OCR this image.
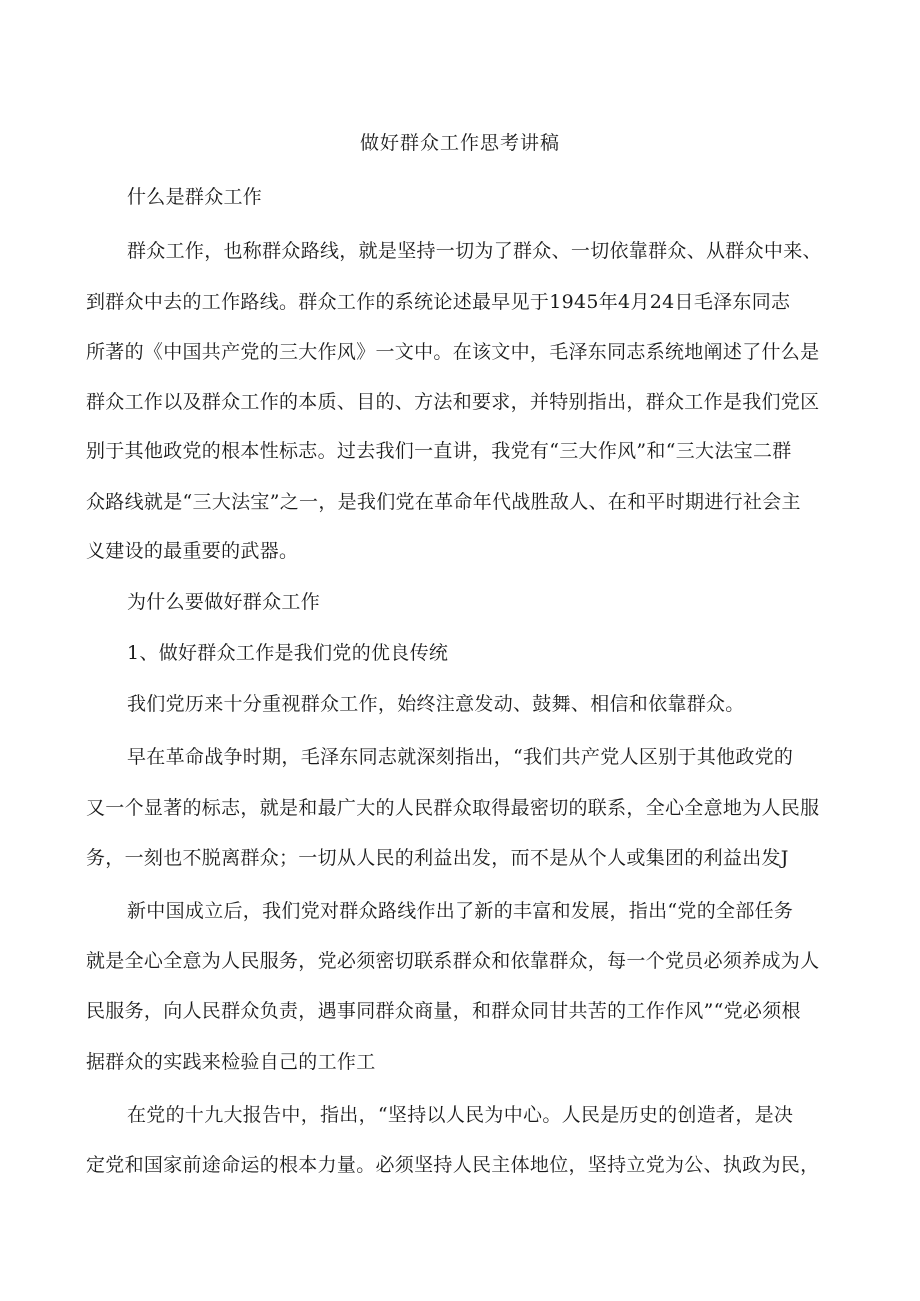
做好群众工作思考讲稿
什么是群众工作
群众工作，也称群众路线，就是坚持一切为了群众、一切依靠群众、从群众中来、
到群众中去的工作路线。群众工作的系统论述最早见于1945年4月24日毛泽东同志
所著的《中国共产党的三大作风》一文中。在该文中，毛泽东同志系统地阐述了什么是
群众工作以及群众工作的本质、目的、方法和要求，并特别指出，群众工作是我们党区
别于其他政党的根本性标志。过去我们一直讲，我党有“三大作风”和“三大法宝二群
众路线就是“三大法宝”之一，是我们党在革命年代战胜敌人、在和平时期进行社会主
义建设的最重要的武器。
为什么要做好群众工作
1、做好群众工作是我们党的优良传统
我们党历来十分重视群众工作，始终注意发动、鼓舞、相信和依靠群众。
早在革命战争时期，毛泽东同志就深刻指出，“我们共产党人区别于其他政党的
又一个显著的标志，就是和最广大的人民群众取得最密切的联系，全心全意地为人民服
务，一刻也不脱离群众；一切从人民的利益出发，而不是从个人或集团的利益出发J
新中国成立后，我们党对群众路线作出了新的丰富和发展，指出“党的全部任务
就是全心全意为人民服务，党必须密切联系群众和依靠群众，每一个党员必须养成为人
民服务，向人民群众负责，遇事同群众商量，和群众同甘共苦的工作作风”“党必须根
据群众的实践来检验自己的工作工
在党的十九大报告中，指出，“坚持以人民为中心。人民是历史的创造者，是决
定党和国家前途命运的根本力量。必须坚持人民主体地位，坚持立党为公、执政为民，
